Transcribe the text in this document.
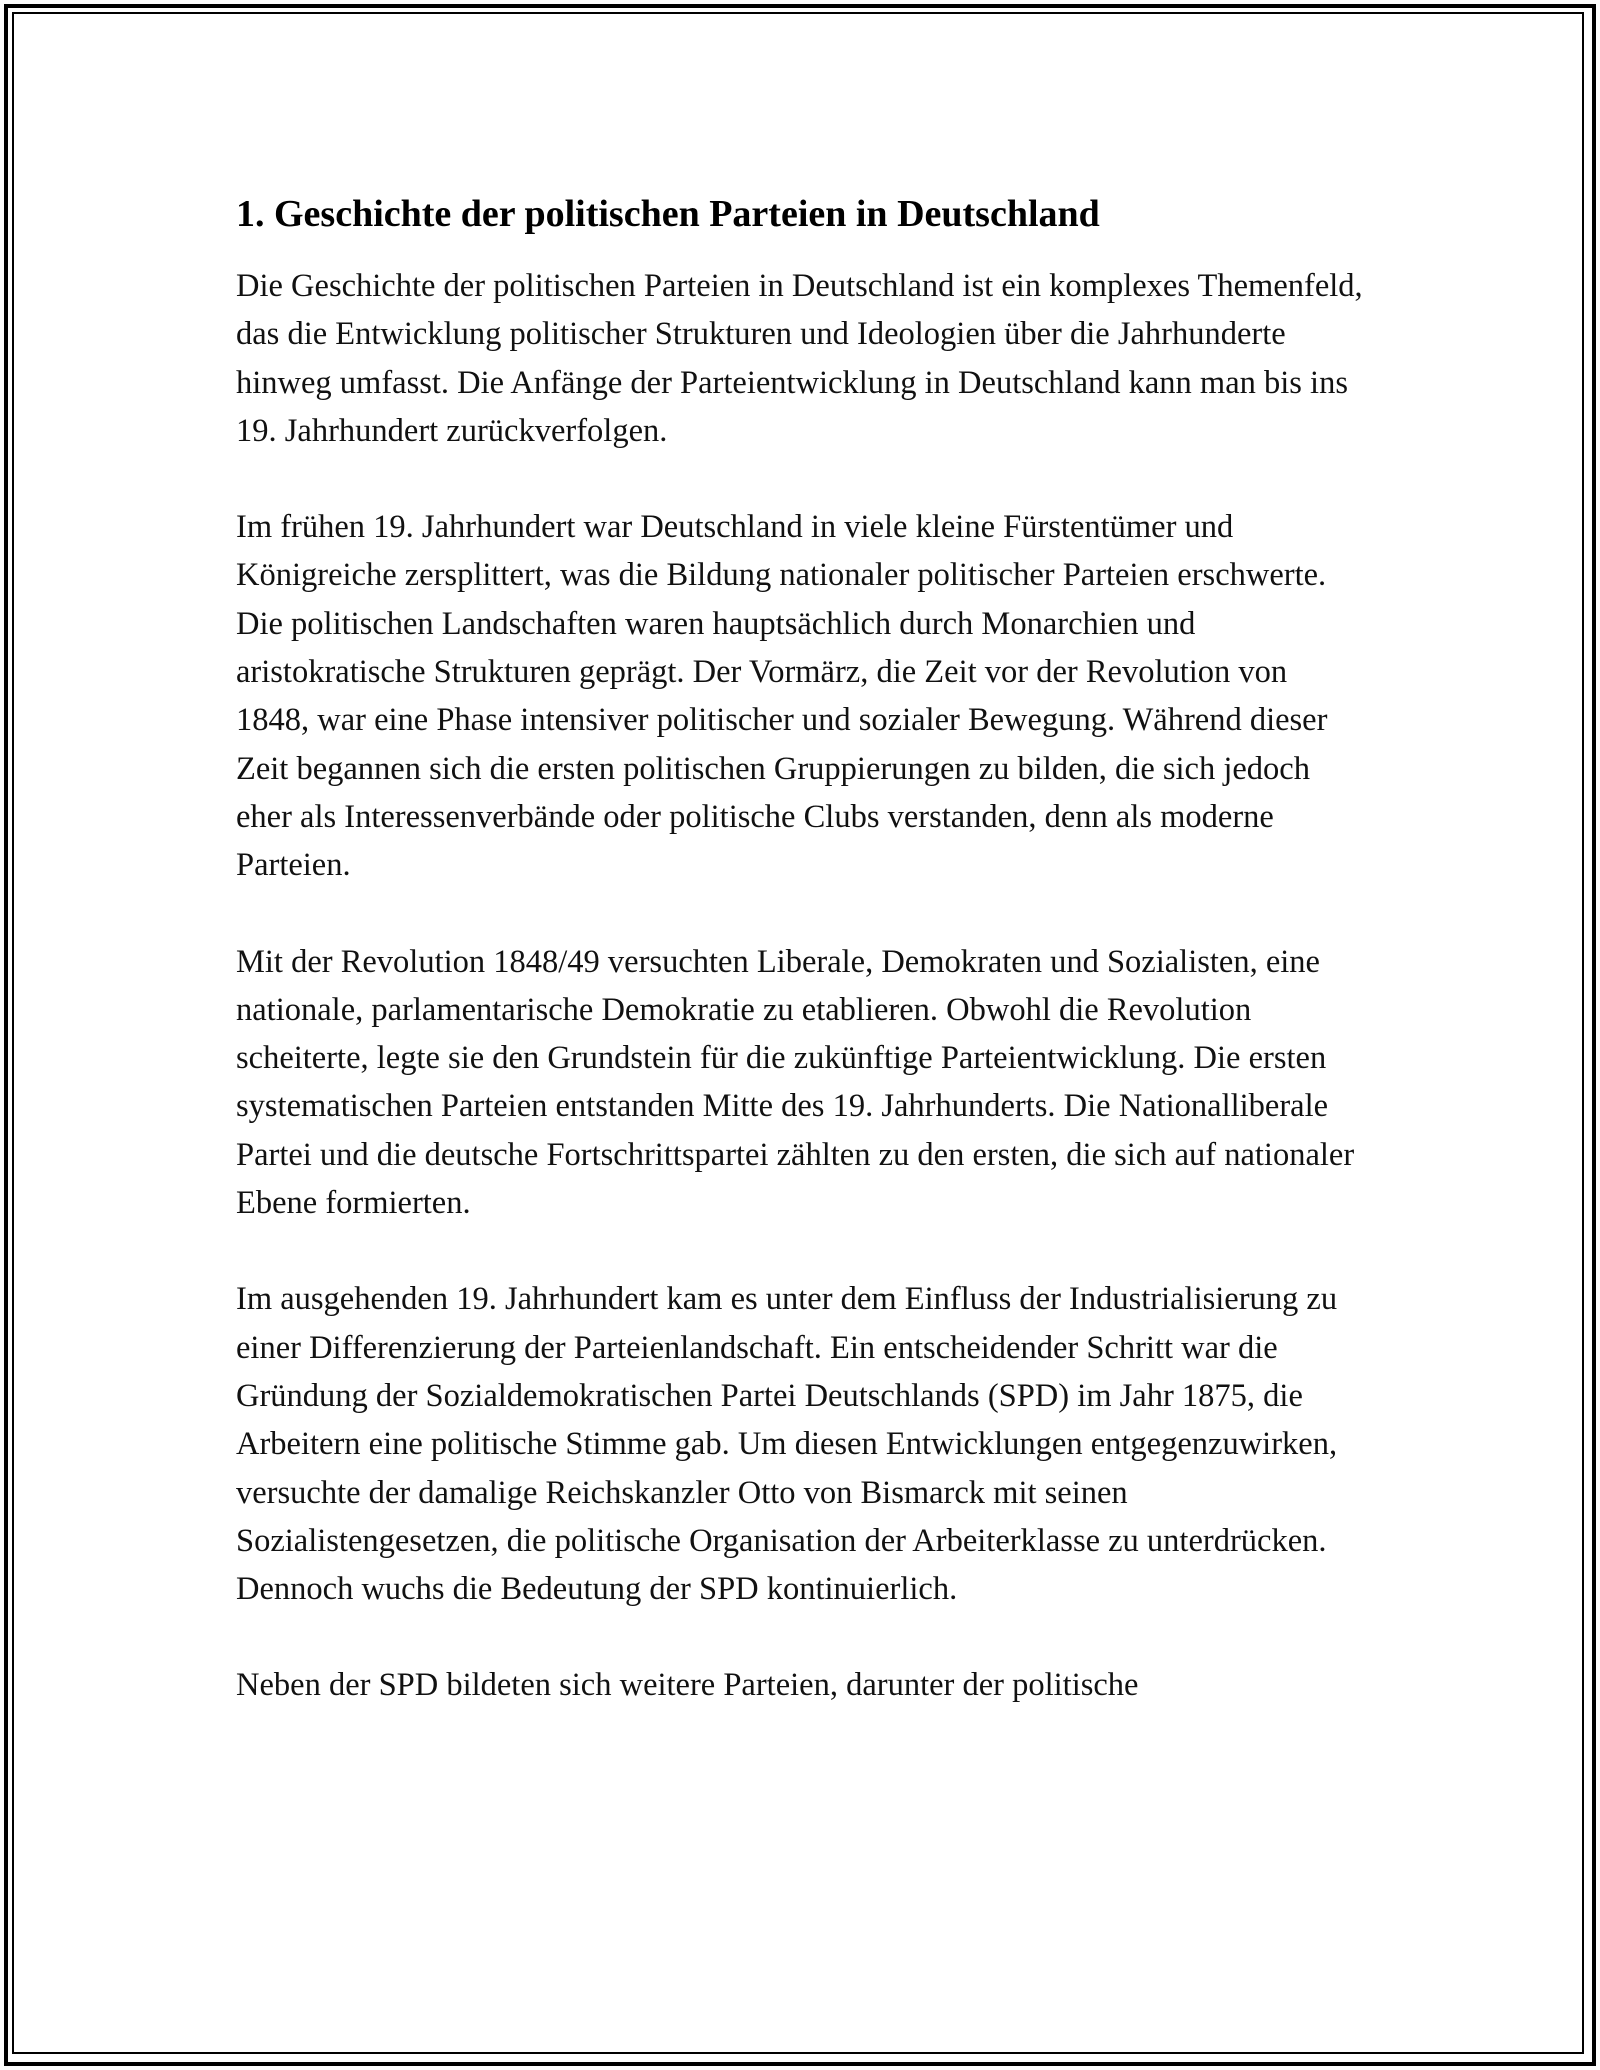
1. Geschichte der politischen Parteien in Deutschland

Die Geschichte der politischen Parteien in Deutschland ist ein komplexes Themenfeld, das die Entwicklung politischer Strukturen und Ideologien über die Jahrhunderte hinweg umfasst. Die Anfänge der Parteientwicklung in Deutschland kann man bis ins 19. Jahrhundert zurückverfolgen.

Im frühen 19. Jahrhundert war Deutschland in viele kleine Fürstentümer und Königreiche zersplittert, was die Bildung nationaler politischer Parteien erschwerte. Die politischen Landschaften waren hauptsächlich durch Monarchien und aristokratische Strukturen geprägt. Der Vormärz, die Zeit vor der Revolution von 1848, war eine Phase intensiver politischer und sozialer Bewegung. Während dieser Zeit begannen sich die ersten politischen Gruppierungen zu bilden, die sich jedoch eher als Interessenverbände oder politische Clubs verstanden, denn als moderne Parteien.

Mit der Revolution 1848/49 versuchten Liberale, Demokraten und Sozialisten, eine nationale, parlamentarische Demokratie zu etablieren. Obwohl die Revolution scheiterte, legte sie den Grundstein für die zukünftige Parteientwicklung. Die ersten systematischen Parteien entstanden Mitte des 19. Jahrhunderts. Die Nationalliberale Partei und die deutsche Fortschrittspartei zählten zu den ersten, die sich auf nationaler Ebene formierten.

Im ausgehenden 19. Jahrhundert kam es unter dem Einfluss der Industrialisierung zu einer Differenzierung der Parteienlandschaft. Ein entscheidender Schritt war die Gründung der Sozialdemokratischen Partei Deutschlands (SPD) im Jahr 1875, die Arbeitern eine politische Stimme gab. Um diesen Entwicklungen entgegenzuwirken, versuchte der damalige Reichskanzler Otto von Bismarck mit seinen Sozialistengesetzen, die politische Organisation der Arbeiterklasse zu unterdrücken. Dennoch wuchs die Bedeutung der SPD kontinuierlich.

Neben der SPD bildeten sich weitere Parteien, darunter der politische
